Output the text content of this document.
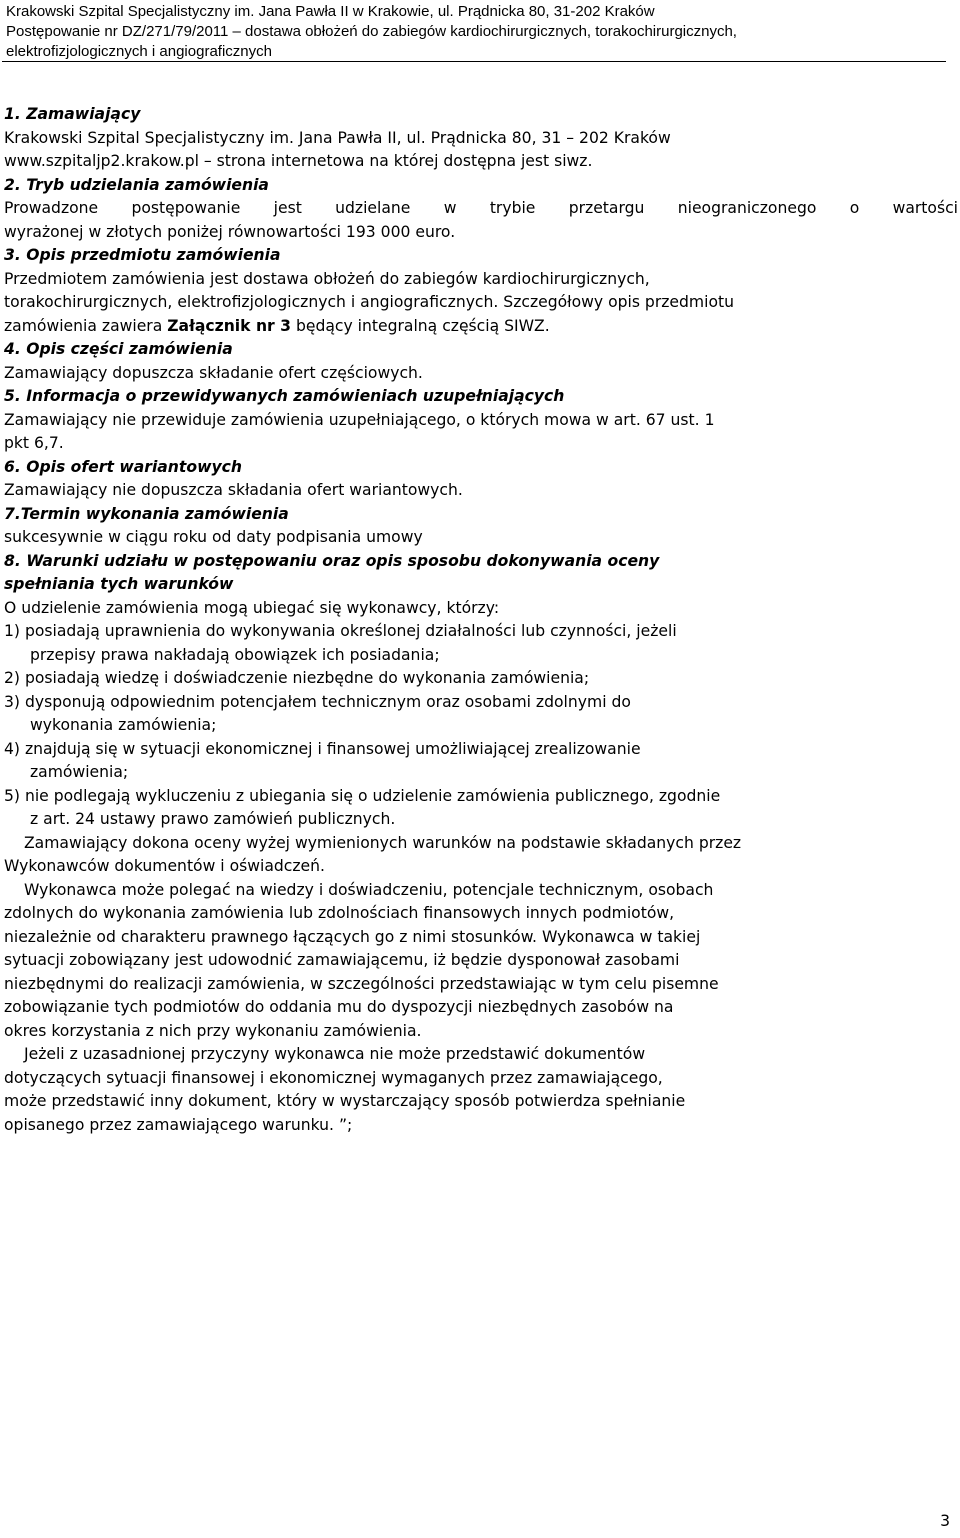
Krakowski Szpital Specjalistyczny im. Jana Pawła II w Krakowie, ul. Prądnicka 80, 31-202 Kraków
Postępowanie nr DZ/271/79/2011 – dostawa obłożeń do zabiegów kardiochirurgicznych, torakochirurgicznych,
elektrofizjologicznych i angiograficznych
1. Zamawiający
Krakowski Szpital Specjalistyczny im. Jana Pawła II, ul. Prądnicka 80, 31 – 202 Kraków
www.szpitaljp2.krakow.pl – strona internetowa na której dostępna jest siwz.
2. Tryb udzielania zamówienia
Prowadzone postępowanie jest udzielane w trybie przetargu nieograniczonego o wartości
wyrażonej w złotych poniżej równowartości 193 000 euro.
3. Opis przedmiotu zamówienia
Przedmiotem zamówienia jest dostawa obłożeń do zabiegów kardiochirurgicznych,
torakochirurgicznych, elektrofizjologicznych i angiograficznych. Szczegółowy opis przedmiotu
zamówienia zawiera Załącznik nr 3 będący integralną częścią SIWZ.
4. Opis części zamówienia
Zamawiający dopuszcza składanie ofert częściowych.
5. Informacja o przewidywanych zamówieniach uzupełniających
Zamawiający nie przewiduje zamówienia uzupełniającego, o których mowa w art. 67 ust. 1
pkt 6,7.
6. Opis ofert wariantowych
Zamawiający nie dopuszcza składania ofert wariantowych.
7.Termin wykonania zamówienia
sukcesywnie w ciągu roku od daty podpisania umowy
8. Warunki udziału w postępowaniu oraz opis sposobu dokonywania oceny
spełniania tych warunków
O udzielenie zamówienia mogą ubiegać się wykonawcy, którzy:
1) posiadają uprawnienia do wykonywania określonej działalności lub czynności, jeżeli
przepisy prawa nakładają obowiązek ich posiadania;
2) posiadają wiedzę i doświadczenie niezbędne do wykonania zamówienia;
3) dysponują odpowiednim potencjałem technicznym oraz osobami zdolnymi do
wykonania zamówienia;
4) znajdują się w sytuacji ekonomicznej i finansowej umożliwiającej zrealizowanie
zamówienia;
5) nie podlegają wykluczeniu z ubiegania się o udzielenie zamówienia publicznego, zgodnie
z art. 24 ustawy prawo zamówień publicznych.
Zamawiający dokona oceny wyżej wymienionych warunków na podstawie składanych przez
Wykonawców dokumentów i oświadczeń.
Wykonawca może polegać na wiedzy i doświadczeniu, potencjale technicznym, osobach
zdolnych do wykonania zamówienia lub zdolnościach finansowych innych podmiotów,
niezależnie od charakteru prawnego łączących go z nimi stosunków. Wykonawca w takiej
sytuacji zobowiązany jest udowodnić zamawiającemu, iż będzie dysponował zasobami
niezbędnymi do realizacji zamówienia, w szczególności przedstawiając w tym celu pisemne
zobowiązanie tych podmiotów do oddania mu do dyspozycji niezbędnych zasobów na
okres korzystania z nich przy wykonaniu zamówienia.
Jeżeli z uzasadnionej przyczyny wykonawca nie może przedstawić dokumentów
dotyczących sytuacji finansowej i ekonomicznej wymaganych przez zamawiającego,
może przedstawić inny dokument, który w wystarczający sposób potwierdza spełnianie
opisanego przez zamawiającego warunku. ”;
3
